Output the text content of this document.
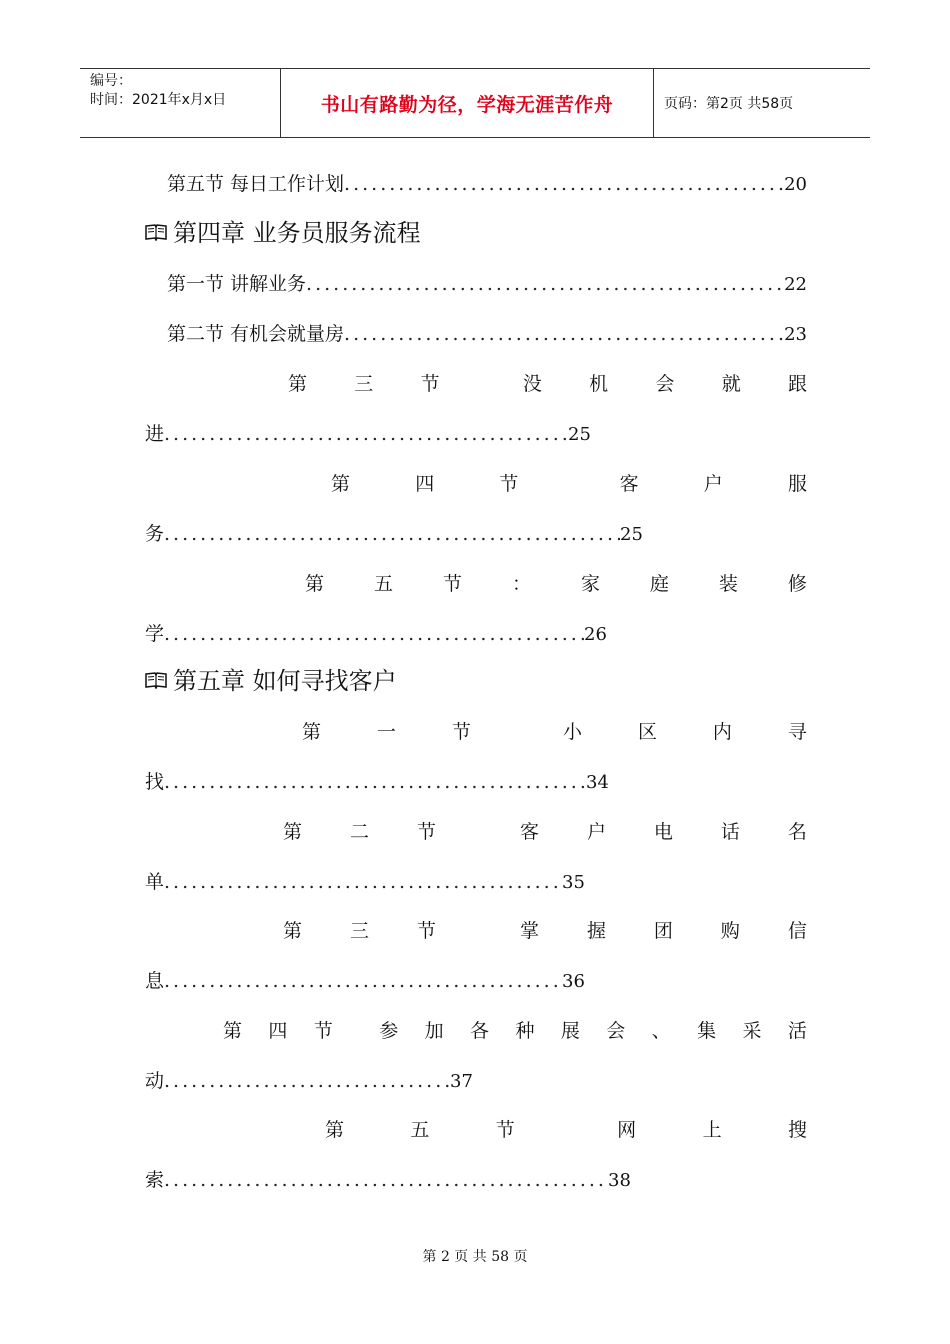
编号：
时间：2021年x月x日	书山有路勤为径，学海无涯苦作舟	页码：第2页 共58页
第五节 每日工作计划 .....	20
第四章 业务员服务流程
第一节 讲解业务 .....	22
第二节 有机会就量房 .....	23
第 三 节	没 机 会 就 跟
进 .....	25
第	四	节	客	户	服
务 .....	25
第	五	节	：	家	庭	装	修
学 .....	26
第五章 如何寻找客户
第	一	节	小	区	内	寻
找 .....	34
第	二	节	客	户	电	话	名
单 .....	35
第	三	节	掌	握	团	购	信
息 .....	36
第 四 节 参 加 各 种 展 会 、 集 采 活
动 .....	37
第	五	节	网	上	搜
索 .....	38
第 2 页 共 58 页
